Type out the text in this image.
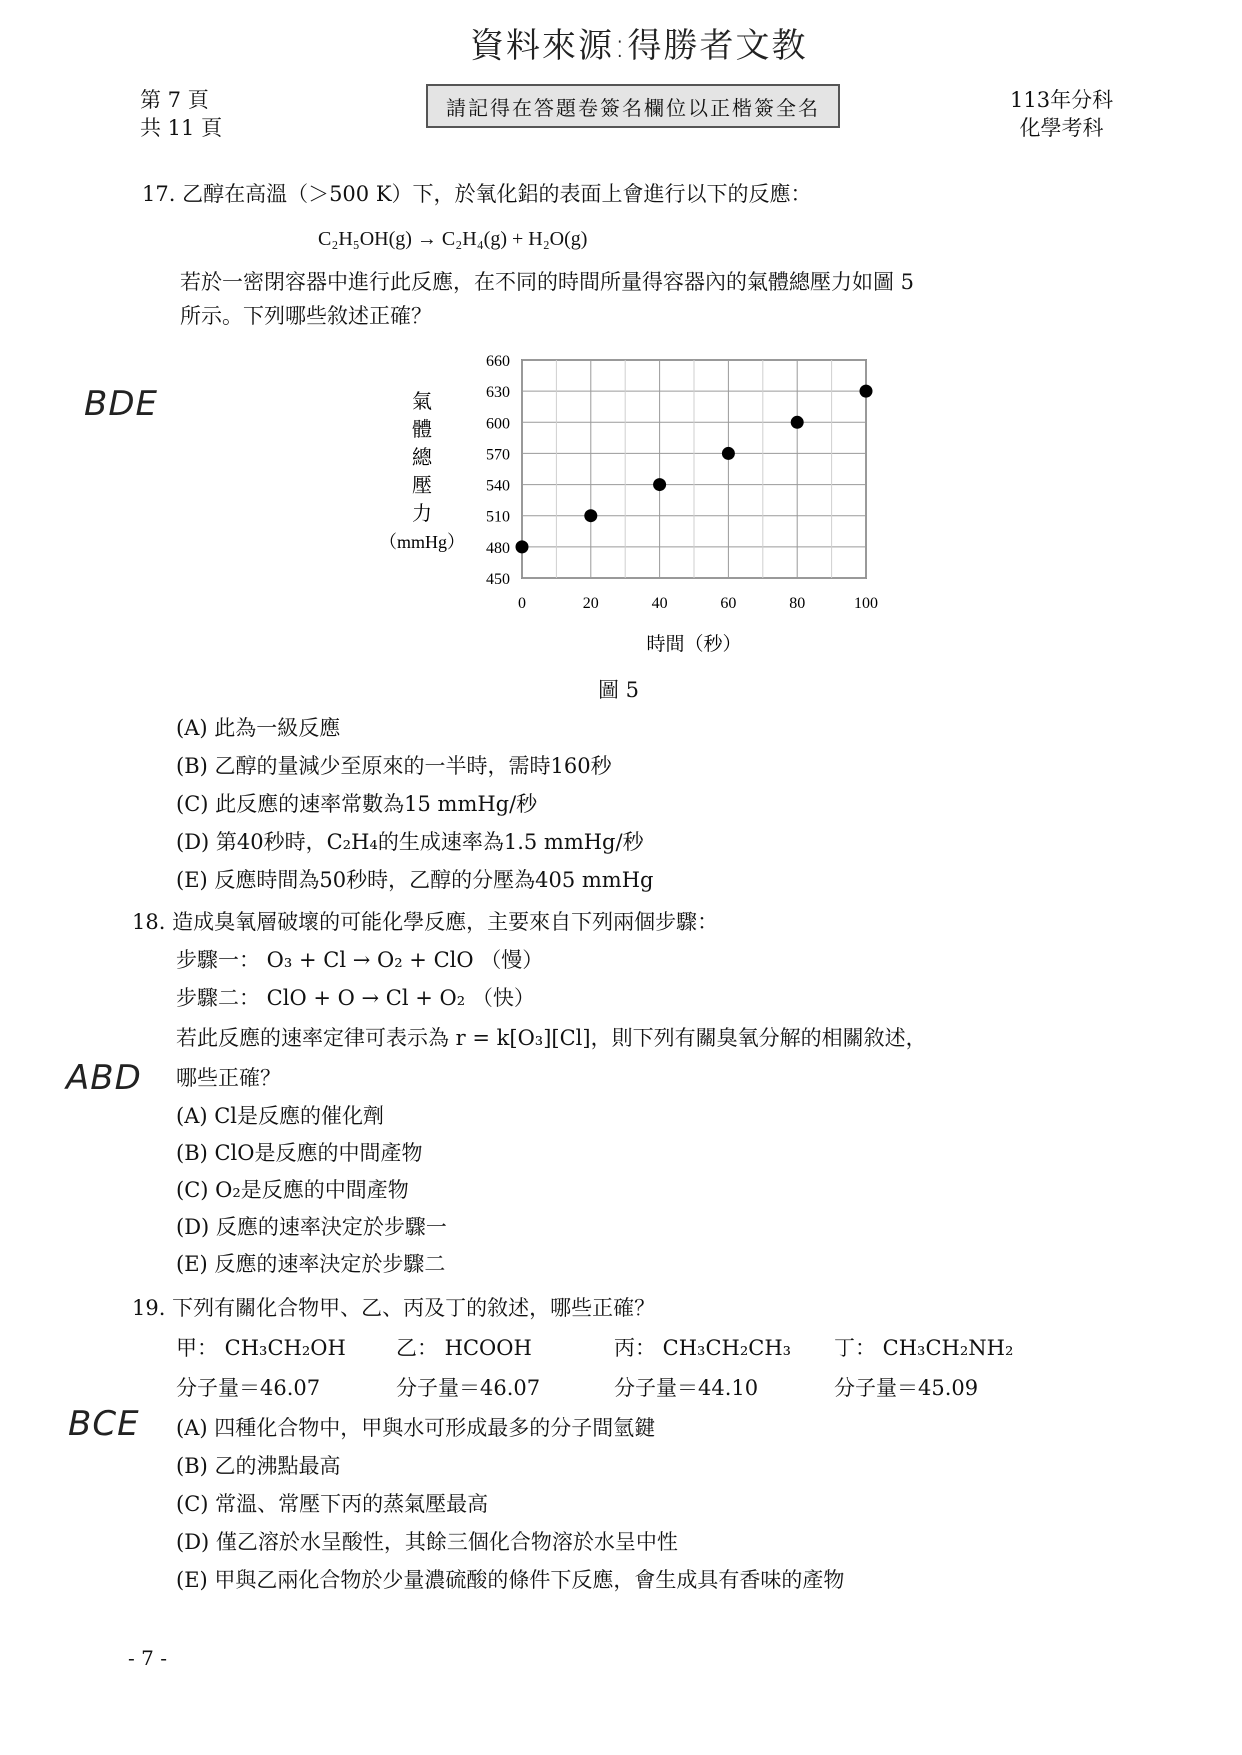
資料來源:得勝者文教
第 7 頁
共 11 頁
請記得在答題卷簽名欄位以正楷簽全名	113年分科
化學考科
17. 乙醇在高溫（＞500 K）下，於氧化鋁的表面上會進行以下的反應：
C₂H₅OH(g) → C₂H₄(g) + H₂O(g)
若於一密閉容器中進行此反應，在不同的時間所量得容器內的氣體總壓力如圖 5
所示。下列哪些敘述正確？
BDE
450
480
510
540
570
600
630
660
0	20	40	60	80	100
氣
體
總
壓
力
（mmHg）
時間（秒）
圖 5
(A) 此為一級反應
(B) 乙醇的量減少至原來的一半時，需時160秒
(C) 此反應的速率常數為15 mmHg/秒
(D) 第40秒時，C₂H₄的生成速率為1.5 mmHg/秒
(E) 反應時間為50秒時，乙醇的分壓為405 mmHg
18. 造成臭氧層破壞的可能化學反應，主要來自下列兩個步驟：
步驟一： O₃ + Cl → O₂ + ClO （慢）
步驟二： ClO + O → Cl + O₂ （快）
若此反應的速率定律可表示為 r = k[O₃][Cl]，則下列有關臭氧分解的相關敘述，
哪些正確？
ABD
(A) Cl是反應的催化劑
(B) ClO是反應的中間產物
(C) O₂是反應的中間產物
(D) 反應的速率決定於步驟一
(E) 反應的速率決定於步驟二
19. 下列有關化合物甲、乙、丙及丁的敘述，哪些正確？
甲： CH₃CH₂OH 乙： HCOOH	丙： CH₃CH₂CH₃ 丁： CH₃CH₂NH₂
分子量＝46.07	分子量＝46.07	分子量＝44.10	分子量＝45.09
BCE (A) 四種化合物中，甲與水可形成最多的分子間氫鍵
(B) 乙的沸點最高
(C) 常溫、常壓下丙的蒸氣壓最高
(D) 僅乙溶於水呈酸性，其餘三個化合物溶於水呈中性
(E) 甲與乙兩化合物於少量濃硫酸的條件下反應，會生成具有香味的產物
- 7 -
